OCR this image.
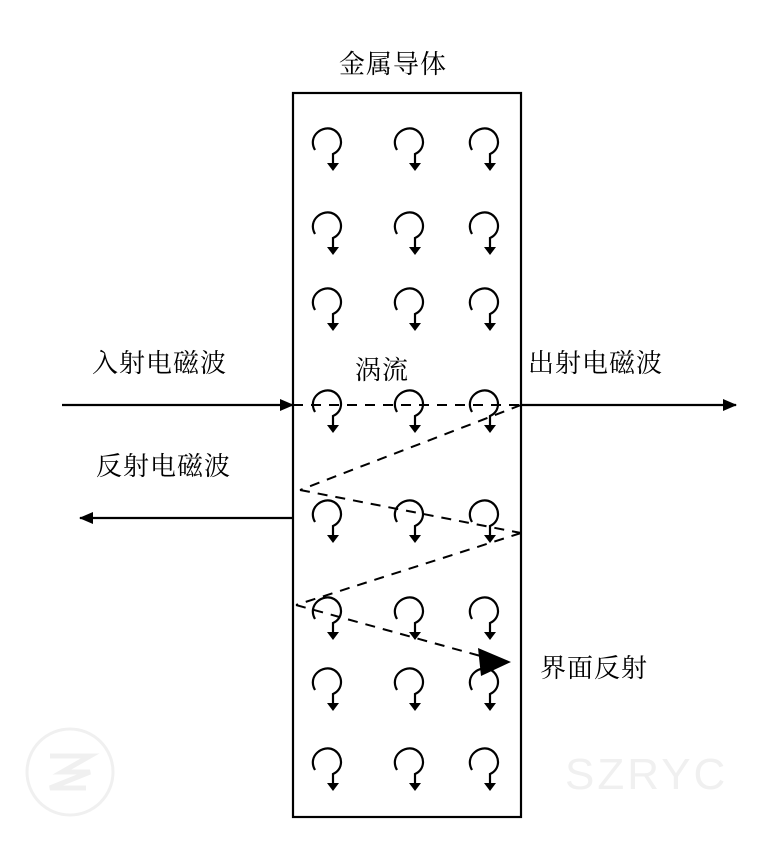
金属导体
入射电磁波
反射电磁波
出射电磁波
涡流
界面反射
SZRYC
